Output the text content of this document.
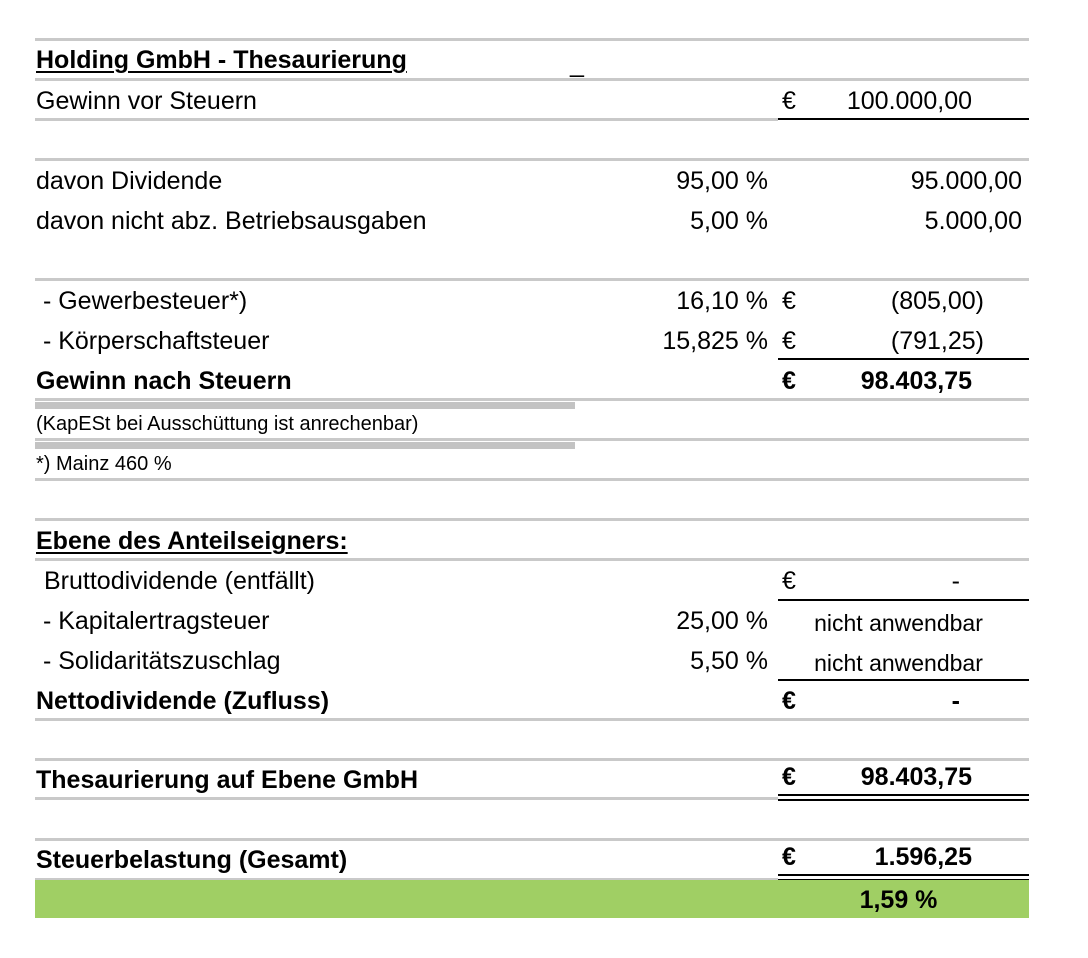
Holding GmbH - Thesaurierung	_
Gewinn vor Steuern	€	100.000,00
davon Dividende	95,00 %	95.000,00
davon nicht abz. Betriebsausgaben	5,00 %	5.000,00
- Gewerbesteuer*)	16,10 % €	(805,00)
- Körperschaftsteuer	15,825 % €	(791,25)
Gewinn nach Steuern	€	98.403,75
(KapESt bei Ausschüttung ist anrechenbar)
*) Mainz 460 %
Ebene des Anteilseigners:
Bruttodividende (entfällt)	€	-
- Kapitalertragsteuer	25,00 %	nicht anwendbar
- Solidaritätszuschlag	5,50 %	nicht anwendbar
Nettodividende (Zufluss)	€	-
Thesaurierung auf Ebene GmbH	€	98.403,75
Steuerbelastung (Gesamt)	€	1.596,25
1,59 %
